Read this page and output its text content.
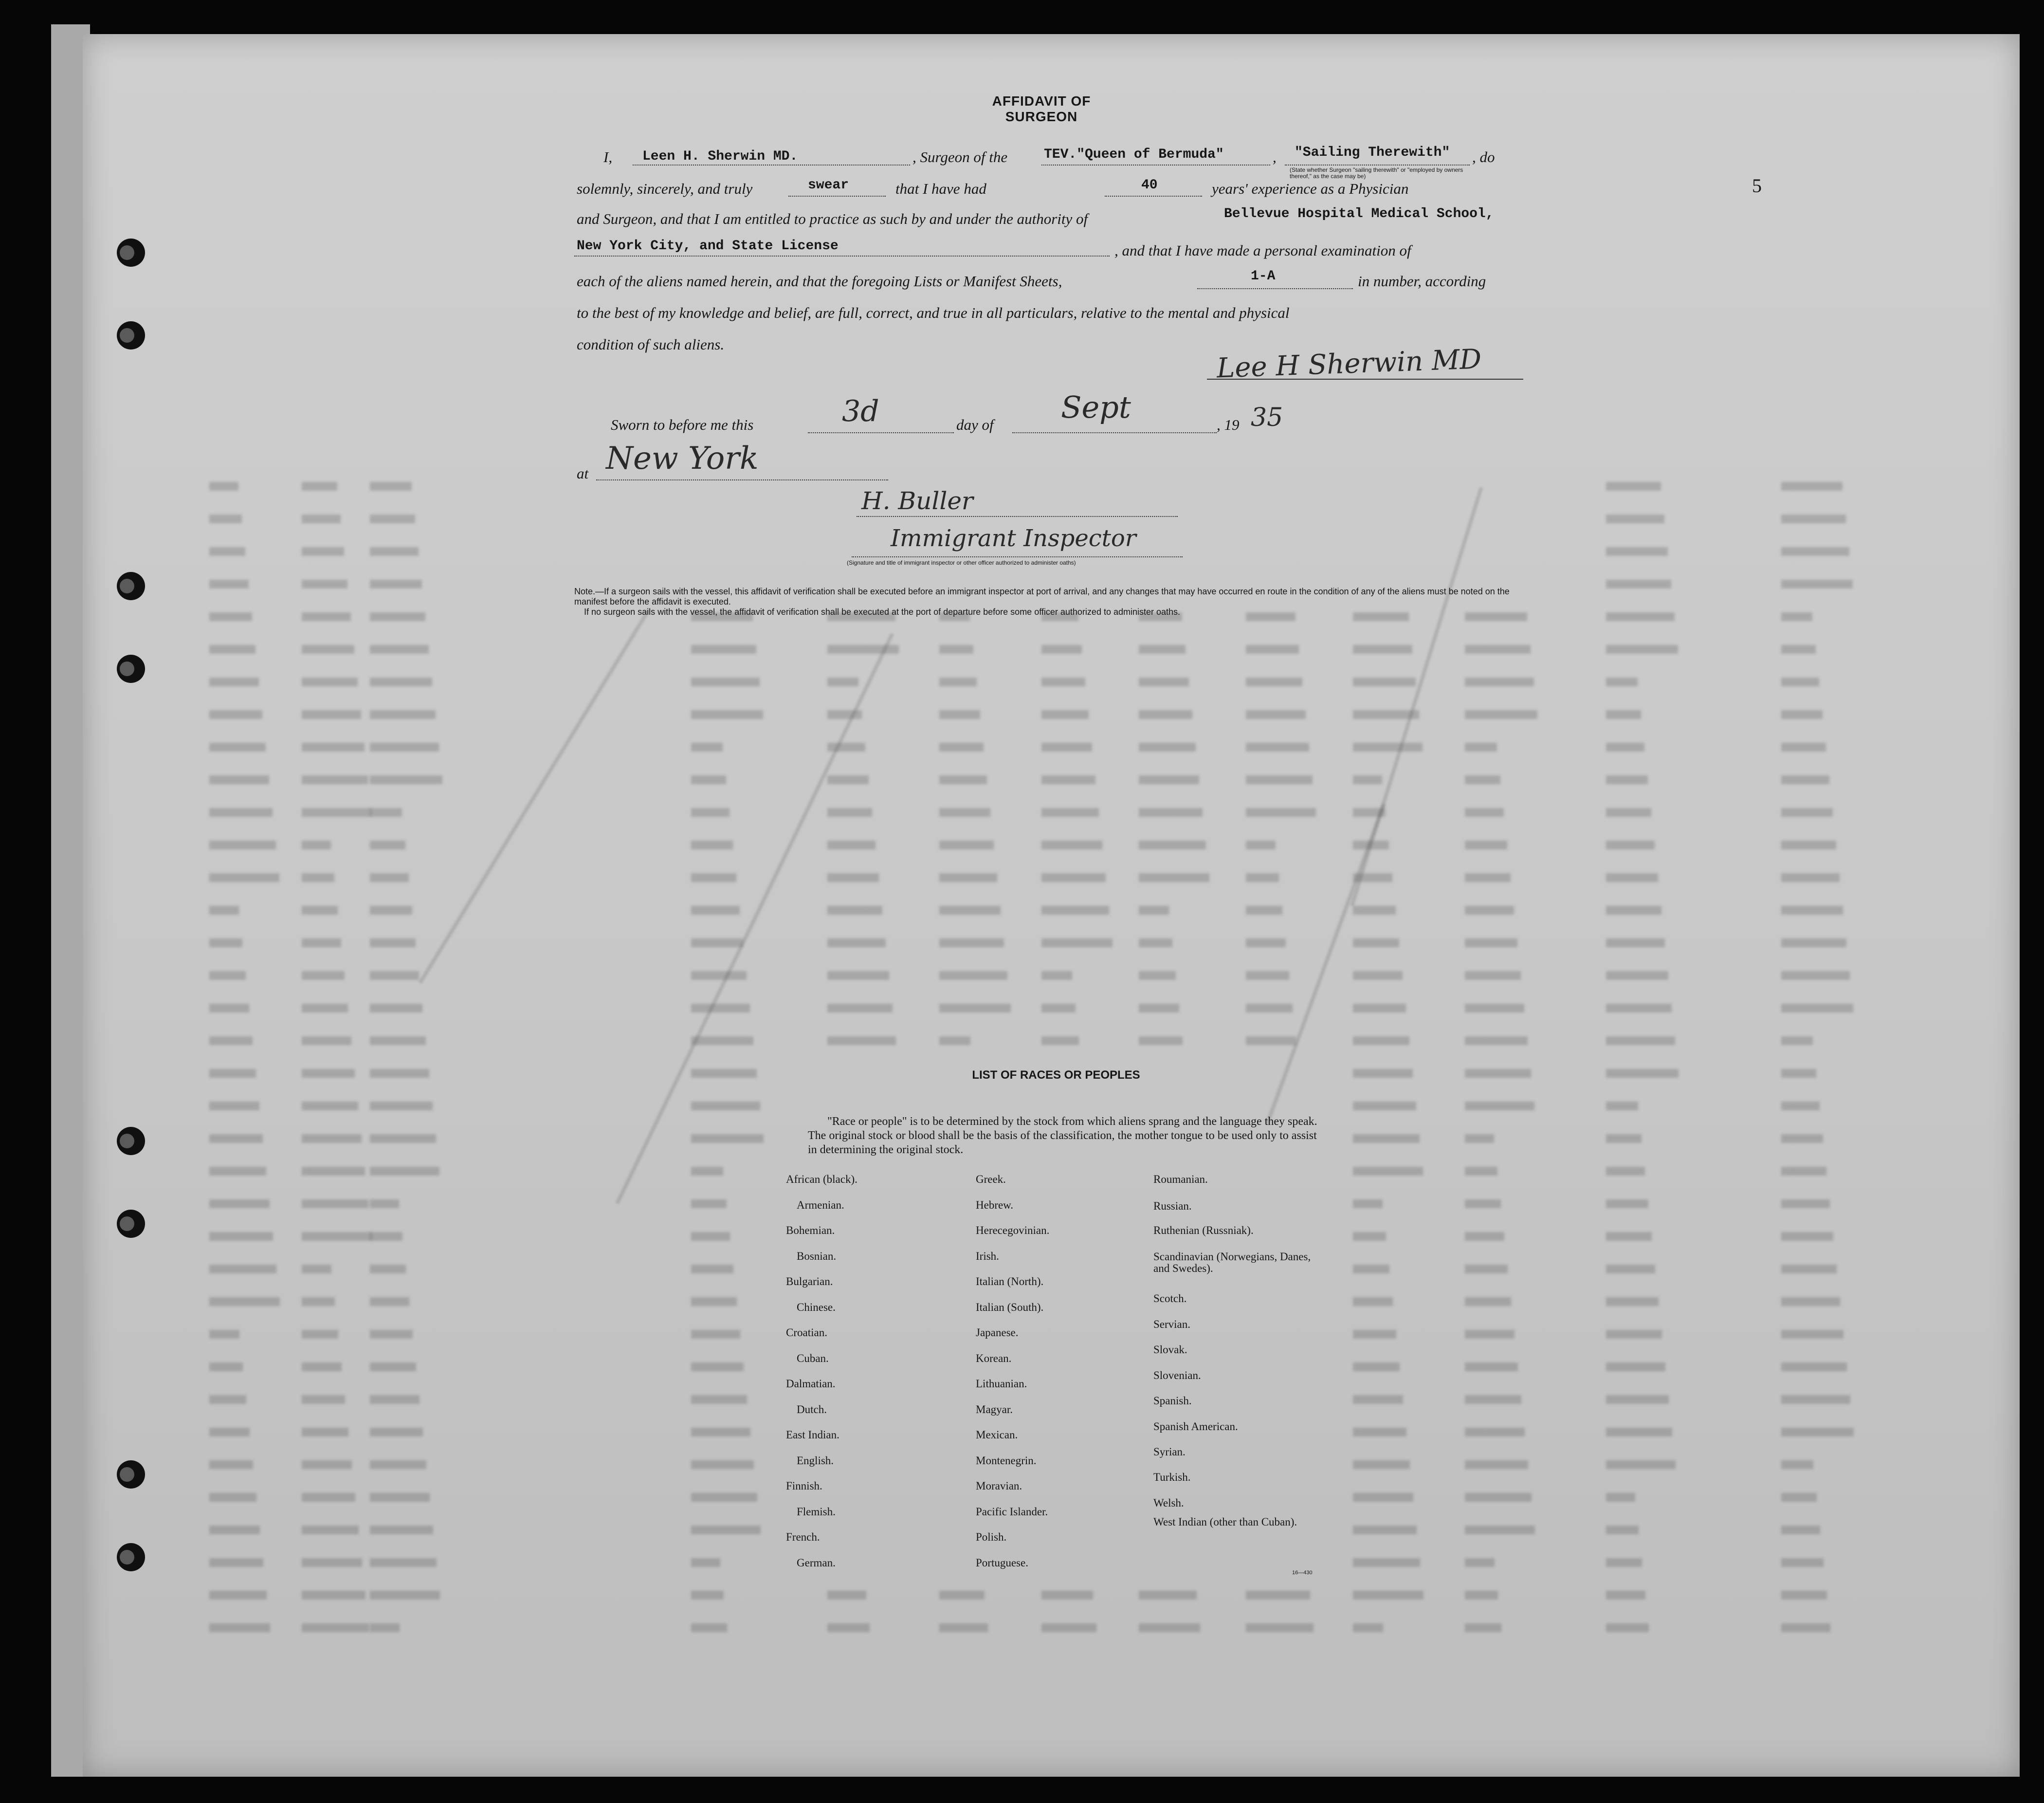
AFFIDAVIT OF SURGEON
5
I, Leen H. Sherwin MD.	, Surgeon of the	TEV."Queen of Bermuda"	, "Sailing Therewith"
(State whether Surgeon "sailing therewith" or "employed by owners thereof," as the case may be)
, do
solemnly, sincerely, and truly	swear	that I have had	40	years' experience as a Physician
and Surgeon, and that I am entitled to practice as such by and under the authority of	Bellevue Hospital Medical School,
New York City, and State License	, and that I have made a personal examination of
each of the aliens named herein, and that the foregoing Lists or Manifest Sheets,	1-A	in number, according
to the best of my knowledge and belief, are full, correct, and true in all particulars, relative to the mental and physical
condition of such aliens.	Lee H Sherwin MD
Sworn to before me this	3d	day of Sept	, 19 35
at New York
H. Buller
Immigrant Inspector
(Signature and title of immigrant inspector or other officer authorized to administer oaths)
Note.—If a surgeon sails with the vessel, this affidavit of verification shall be executed before an immigrant inspector at port of arrival, and any changes that may have occurred en route in the condition of any of the aliens must be noted on the manifest before the affidavit is executed.
If no surgeon sails with the vessel, the affidavit of verification shall be executed at the port of departure before some officer authorized to administer oaths.
LIST OF RACES OR PEOPLES
"Race or people" is to be determined by the stock from which aliens sprang and the language they speak. The original stock or blood shall be the basis of the classification, the mother tongue to be used only to assist in determining the original stock.
African (black).
Armenian.
Bohemian.
Bosnian.
Bulgarian.
Chinese.
Croatian.
Cuban.
Dalmatian.
Dutch.
East Indian.
English.
Finnish.
Flemish.
French.
German.
Greek.
Hebrew.
Herecegovinian.
Irish.
Italian (North).
Italian (South).
Japanese.
Korean.
Lithuanian.
Magyar.
Mexican.
Montenegrin.
Moravian.
Pacific Islander.
Polish.
Portuguese.
Roumanian.
Russian.
Ruthenian (Russniak).
Scandinavian (Norwegians, Danes, and Swedes).
Scotch.
Servian.
Slovak.
Slovenian.
Spanish.
Spanish American.
Syrian.
Turkish.
Welsh.
West Indian (other than Cuban).
16—430
